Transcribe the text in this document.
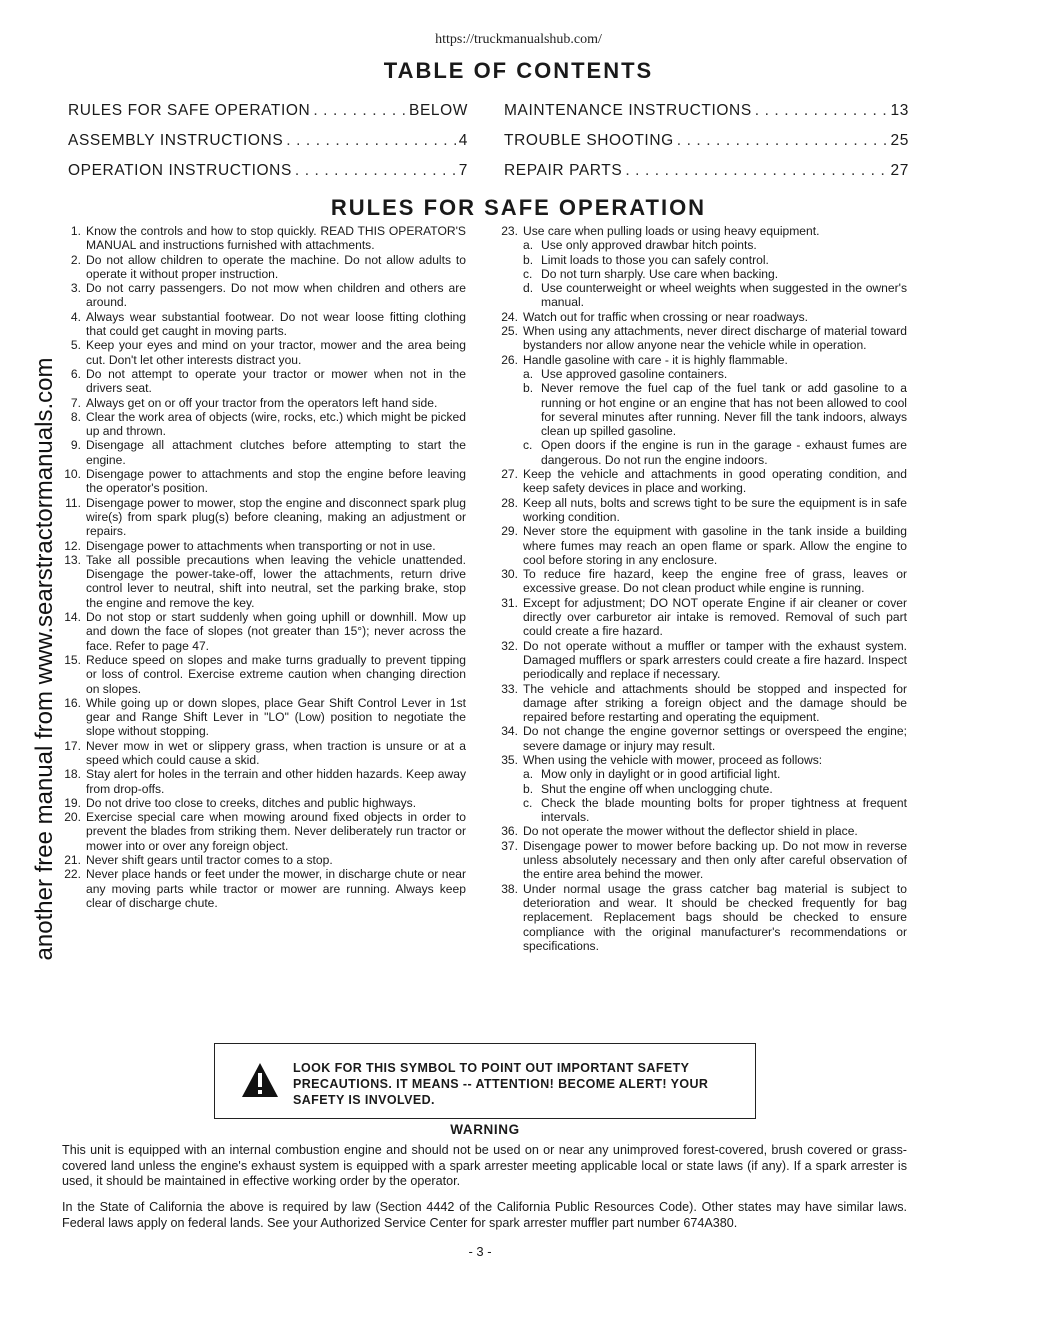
https://truckmanualshub.com/
another free manual from www.searstractormanuals.com
TABLE OF CONTENTS
RULES FOR SAFE OPERATION . . .	BELOW
ASSEMBLY INSTRUCTIONS . . .	4
OPERATION INSTRUCTIONS . . .	7
MAINTENANCE INSTRUCTIONS . . .	13
TROUBLE SHOOTING . . .	25
REPAIR PARTS . . .	27
RULES FOR SAFE OPERATION
1. Know the controls and how to stop quickly. READ THIS OPERATOR'S MANUAL and instructions furnished with attachments.
2. Do not allow children to operate the machine. Do not allow adults to operate it without proper instruction.
3. Do not carry passengers. Do not mow when children and others are around.
4. Always wear substantial footwear. Do not wear loose fitting clothing that could get caught in moving parts.
5. Keep your eyes and mind on your tractor, mower and the area being cut. Don't let other interests distract you.
6. Do not attempt to operate your tractor or mower when not in the drivers seat.
7. Always get on or off your tractor from the operators left hand side.
8. Clear the work area of objects (wire, rocks, etc.) which might be picked up and thrown.
9. Disengage all attachment clutches before attempting to start the engine.
10. Disengage power to attachments and stop the engine before leaving the operator's position.
11. Disengage power to mower, stop the engine and disconnect spark plug wire(s) from spark plug(s) before cleaning, making an adjustment or repairs.
12. Disengage power to attachments when transporting or not in use.
13. Take all possible precautions when leaving the vehicle unattended. Disengage the power-take-off, lower the attachments, return drive control lever to neutral, shift into neutral, set the parking brake, stop the engine and remove the key.
14. Do not stop or start suddenly when going uphill or downhill. Mow up and down the face of slopes (not greater than 15°); never across the face. Refer to page 47.
15. Reduce speed on slopes and make turns gradually to prevent tipping or loss of control. Exercise extreme caution when changing direction on slopes.
16. While going up or down slopes, place Gear Shift Control Lever in 1st gear and Range Shift Lever in "LO" (Low) position to negotiate the slope without stopping.
17. Never mow in wet or slippery grass, when traction is unsure or at a speed which could cause a skid.
18. Stay alert for holes in the terrain and other hidden hazards. Keep away from drop-offs.
19. Do not drive too close to creeks, ditches and public highways.
20. Exercise special care when mowing around fixed objects in order to prevent the blades from striking them. Never deliberately run tractor or mower into or over any foreign object.
21. Never shift gears until tractor comes to a stop.
22. Never place hands or feet under the mower, in discharge chute or near any moving parts while tractor or mower are running. Always keep clear of discharge chute.
23. Use care when pulling loads or using heavy equipment.
a. Use only approved drawbar hitch points.
b. Limit loads to those you can safely control.
c. Do not turn sharply. Use care when backing.
d. Use counterweight or wheel weights when suggested in the owner's manual.
24. Watch out for traffic when crossing or near roadways.
25. When using any attachments, never direct discharge of material toward bystanders nor allow anyone near the vehicle while in operation.
26. Handle gasoline with care - it is highly flammable.
a. Use approved gasoline containers.
b. Never remove the fuel cap of the fuel tank or add gasoline to a running or hot engine or an engine that has not been allowed to cool for several minutes after running. Never fill the tank indoors, always clean up spilled gasoline.
c. Open doors if the engine is run in the garage - exhaust fumes are dangerous. Do not run the engine indoors.
27. Keep the vehicle and attachments in good operating condition, and keep safety devices in place and working.
28. Keep all nuts, bolts and screws tight to be sure the equipment is in safe working condition.
29. Never store the equipment with gasoline in the tank inside a building where fumes may reach an open flame or spark. Allow the engine to cool before storing in any enclosure.
30. To reduce fire hazard, keep the engine free of grass, leaves or excessive grease. Do not clean product while engine is running.
31. Except for adjustment; DO NOT operate Engine if air cleaner or cover directly over carburetor air intake is removed. Removal of such part could create a fire hazard.
32. Do not operate without a muffler or tamper with the exhaust system. Damaged mufflers or spark arresters could create a fire hazard. Inspect periodically and replace if necessary.
33. The vehicle and attachments should be stopped and inspected for damage after striking a foreign object and the damage should be repaired before restarting and operating the equipment.
34. Do not change the engine governor settings or overspeed the engine; severe damage or injury may result.
35. When using the vehicle with mower, proceed as follows:
a. Mow only in daylight or in good artificial light.
b. Shut the engine off when unclogging chute.
c. Check the blade mounting bolts for proper tightness at frequent intervals.
36. Do not operate the mower without the deflector shield in place.
37. Disengage power to mower before backing up. Do not mow in reverse unless absolutely necessary and then only after careful observation of the entire area behind the mower.
38. Under normal usage the grass catcher bag material is subject to deterioration and wear. It should be checked frequently for bag replacement. Replacement bags should be checked to ensure compliance with the original manufacturer's recommendations or specifications.
LOOK FOR THIS SYMBOL TO POINT OUT IMPORTANT SAFETY PRECAUTIONS. IT MEANS -- ATTENTION! BECOME ALERT! YOUR SAFETY IS INVOLVED.
WARNING
This unit is equipped with an internal combustion engine and should not be used on or near any unimproved forest-covered, brush covered or grass-covered land unless the engine's exhaust system is equipped with a spark arrester meeting applicable local or state laws (if any). If a spark arrester is used, it should be maintained in effective working order by the operator.
In the State of California the above is required by law (Section 4442 of the California Public Resources Code). Other states may have similar laws. Federal laws apply on federal lands. See your Authorized Service Center for spark arrester muffler part number 674A380.
- 3 -
